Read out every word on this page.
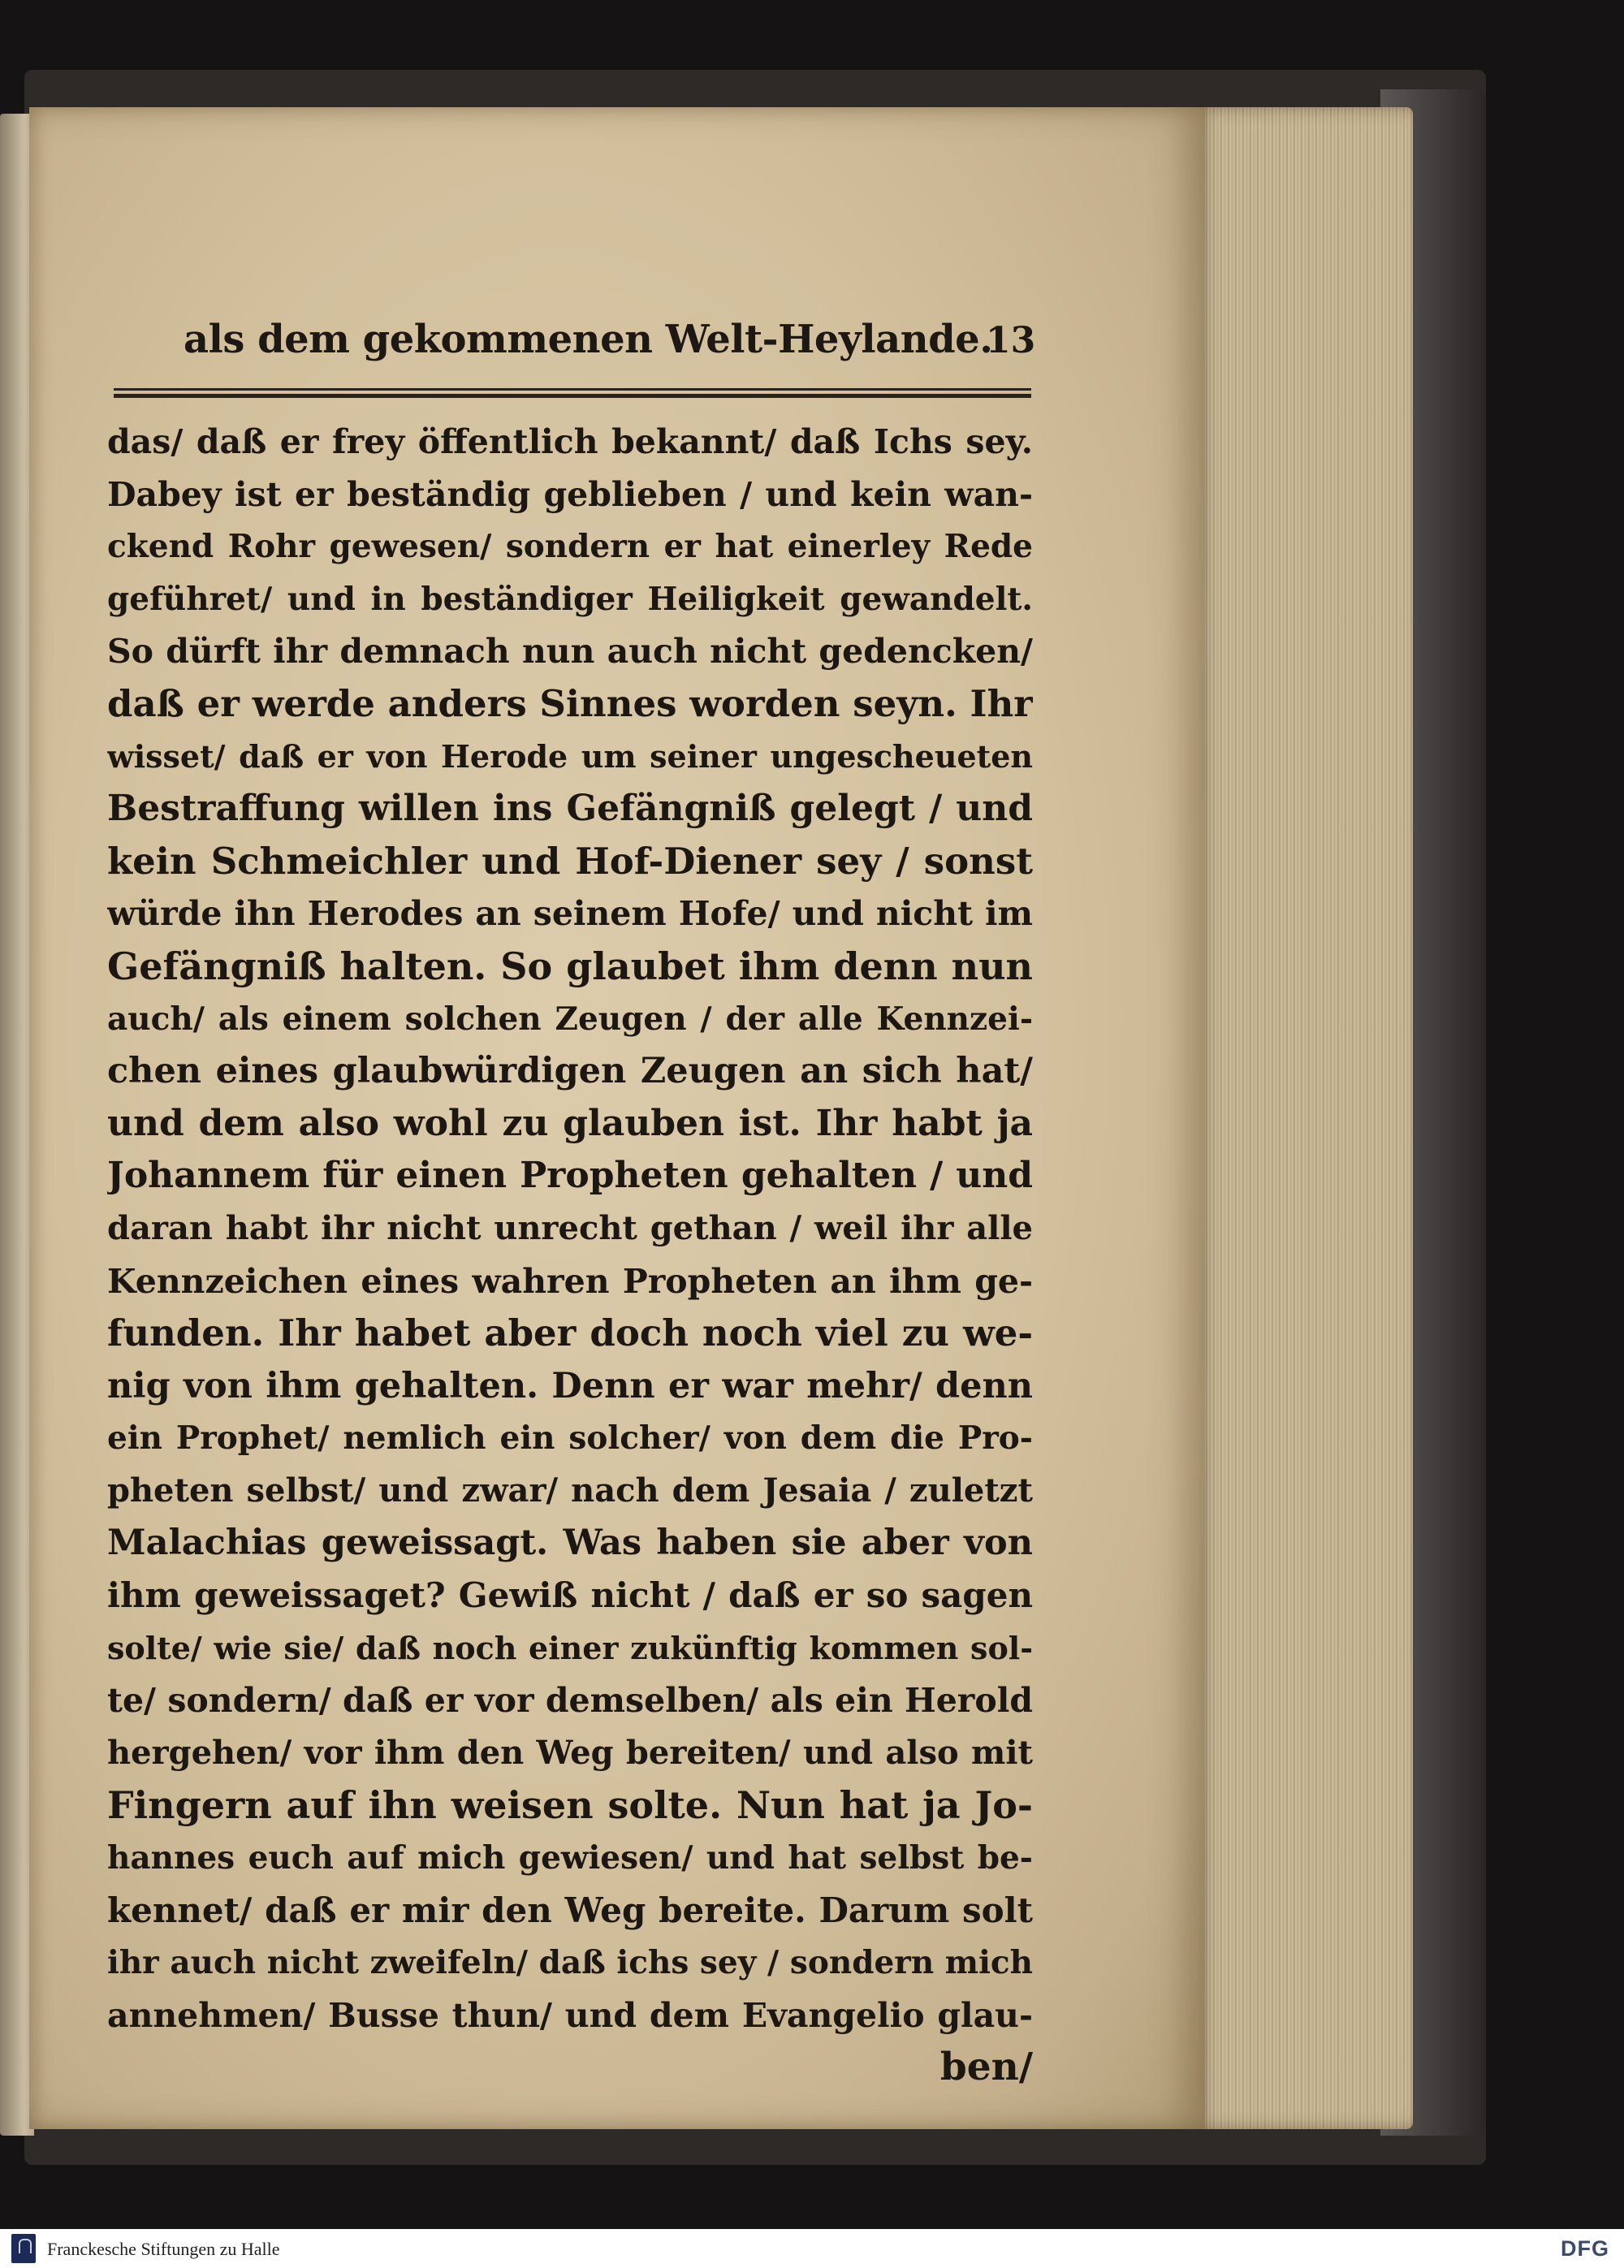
als dem gekommenen Welt-Heylande.
13
das/ daß er frey öffentlich bekannt/ daß Ichs sey.
Dabey ist er beständig geblieben / und kein wan-
ckend Rohr gewesen/ sondern er hat einerley Rede
geführet/ und in beständiger Heiligkeit gewandelt.
So dürft ihr demnach nun auch nicht gedencken/
daß er werde anders Sinnes worden seyn. Ihr
wisset/ daß er von Herode um seiner ungescheueten
Bestraffung willen ins Gefängniß gelegt / und
kein Schmeichler und Hof-Diener sey / sonst
würde ihn Herodes an seinem Hofe/ und nicht im
Gefängniß halten. So glaubet ihm denn nun
auch/ als einem solchen Zeugen / der alle Kennzei-
chen eines glaubwürdigen Zeugen an sich hat/
und dem also wohl zu glauben ist. Ihr habt ja
Johannem für einen Propheten gehalten / und
daran habt ihr nicht unrecht gethan / weil ihr alle
Kennzeichen eines wahren Propheten an ihm ge-
funden. Ihr habet aber doch noch viel zu we-
nig von ihm gehalten. Denn er war mehr/ denn
ein Prophet/ nemlich ein solcher/ von dem die Pro-
pheten selbst/ und zwar/ nach dem Jesaia / zuletzt
Malachias geweissagt. Was haben sie aber von
ihm geweissaget? Gewiß nicht / daß er so sagen
solte/ wie sie/ daß noch einer zukünftig kommen sol-
te/ sondern/ daß er vor demselben/ als ein Herold
hergehen/ vor ihm den Weg bereiten/ und also mit
Fingern auf ihn weisen solte. Nun hat ja Jo-
hannes euch auf mich gewiesen/ und hat selbst be-
kennet/ daß er mir den Weg bereite. Darum solt
ihr auch nicht zweifeln/ daß ichs sey / sondern mich
annehmen/ Busse thun/ und dem Evangelio glau-
ben/
Franckesche Stiftungen zu Halle	DFG
